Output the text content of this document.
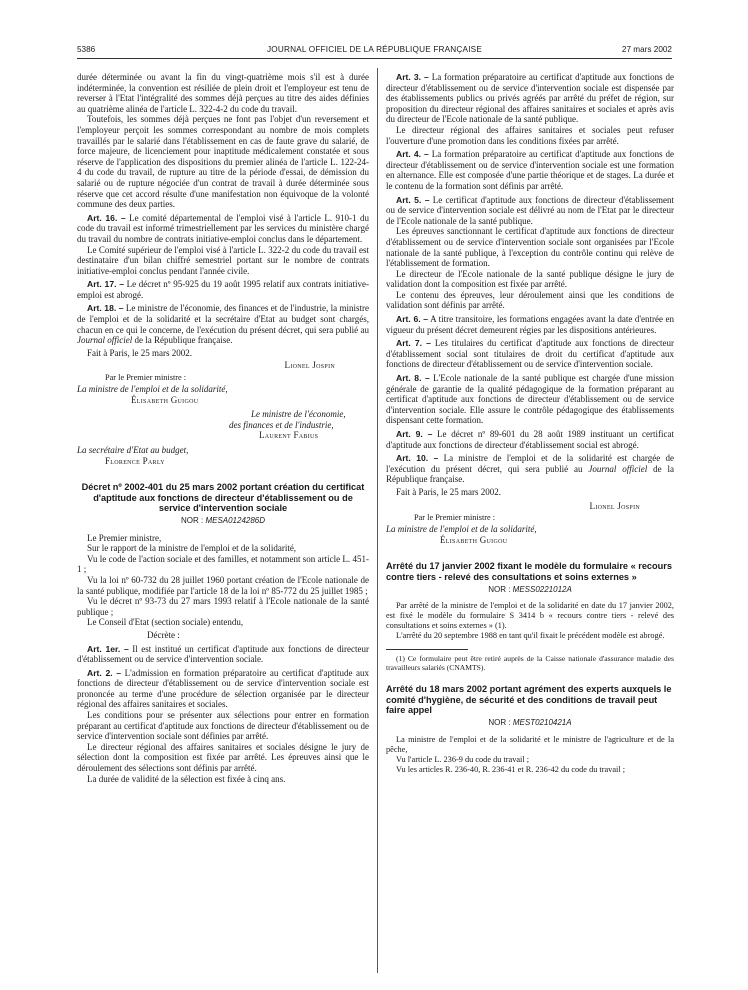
5386	JOURNAL OFFICIEL DE LA RÉPUBLIQUE FRANÇAISE	27 mars 2002

durée déterminée ou avant la fin du vingt-quatrième mois s'il est à durée indéterminée, la convention est résiliée de plein droit et l'employeur est tenu de reverser à l'Etat l'intégralité des sommes déjà perçues au titre des aides définies au quatrième alinéa de l'article L. 322-4-2 du code du travail.

Toutefois, les sommes déjà perçues ne font pas l'objet d'un reversement et l'employeur perçoit les sommes correspondant au nombre de mois complets travaillés par le salarié dans l'établissement en cas de faute grave du salarié, de force majeure, de licenciement pour inaptitude médicalement constatée et sous réserve de l'application des dispositions du premier alinéa de l'article L. 122-24-4 du code du travail, de rupture au titre de la période d'essai, de démission du salarié ou de rupture négociée d'un contrat de travail à durée déterminée sous réserve que cet accord résulte d'une manifestation non équivoque de la volonté commune des deux parties.

Art. 16. – Le comité départemental de l'emploi visé à l'article L. 910-1 du code du travail est informé trimestriellement par les services du ministère chargé du travail du nombre de contrats initiative-emploi conclus dans le département.

Le Comité supérieur de l'emploi visé à l'article L. 322-2 du code du travail est destinataire d'un bilan chiffré semestriel portant sur le nombre de contrats initiative-emploi conclus pendant l'année civile.

Art. 17. – Le décret nº 95-925 du 19 août 1995 relatif aux contrats initiative-emploi est abrogé.

Art. 18. – Le ministre de l'économie, des finances et de l'industrie, la ministre de l'emploi et de la solidarité et la secrétaire d'Etat au budget sont chargés, chacun en ce qui le concerne, de l'exécution du présent décret, qui sera publié au Journal officiel de la République française.

Fait à Paris, le 25 mars 2002.

Lionel Jospin

Par le Premier ministre :

La ministre de l'emploi et de la solidarité,

Élisabeth Guigou

Le ministre de l'économie,

des finances et de l'industrie,

Laurent Fabius

La secrétaire d'Etat au budget,

Florence Parly

Décret nº 2002-401 du 25 mars 2002 portant création du certificat d'aptitude aux fonctions de directeur d'établissement ou de service d'intervention sociale
NOR : MESA0124286D

Le Premier ministre,

Sur le rapport de la ministre de l'emploi et de la solidarité,

Vu le code de l'action sociale et des familles, et notamment son article L. 451-1 ;

Vu la loi nº 60-732 du 28 juillet 1960 portant création de l'Ecole nationale de la santé publique, modifiée par l'article 18 de la loi nº 85-772 du 25 juillet 1985 ;

Vu le décret nº 93-73 du 27 mars 1993 relatif à l'Ecole nationale de la santé publique ;

Le Conseil d'Etat (section sociale) entendu,

Décrète :

Art. 1er. – Il est institué un certificat d'aptitude aux fonctions de directeur d'établissement ou de service d'intervention sociale.

Art. 2. – L'admission en formation préparatoire au certificat d'aptitude aux fonctions de directeur d'établissement ou de service d'intervention sociale est prononcée au terme d'une procédure de sélection organisée par le directeur régional des affaires sanitaires et sociales.

Les conditions pour se présenter aux sélections pour entrer en formation préparant au certificat d'aptitude aux fonctions de directeur d'établissement ou de service d'intervention sociale sont définies par arrêté.

Le directeur régional des affaires sanitaires et sociales désigne le jury de sélection dont la composition est fixée par arrêté. Les épreuves ainsi que le déroulement des sélections sont définis par arrêté.

La durée de validité de la sélection est fixée à cinq ans.

Art. 3. – La formation préparatoire au certificat d'aptitude aux fonctions de directeur d'établissement ou de service d'intervention sociale est dispensée par des établissements publics ou privés agréés par arrêté du préfet de région, sur proposition du directeur régional des affaires sanitaires et sociales et après avis du directeur de l'Ecole nationale de la santé publique.

Le directeur régional des affaires sanitaires et sociales peut refuser l'ouverture d'une promotion dans les conditions fixées par arrêté.

Art. 4. – La formation préparatoire au certificat d'aptitude aux fonctions de directeur d'établissement ou de service d'intervention sociale est une formation en alternance. Elle est composée d'une partie théorique et de stages. La durée et le contenu de la formation sont définis par arrêté.

Art. 5. – Le certificat d'aptitude aux fonctions de directeur d'établissement ou de service d'intervention sociale est délivré au nom de l'Etat par le directeur de l'Ecole nationale de la santé publique.

Les épreuves sanctionnant le certificat d'aptitude aux fonctions de directeur d'établissement ou de service d'intervention sociale sont organisées par l'Ecole nationale de la santé publique, à l'exception du contrôle continu qui relève de l'établissement de formation.

Le directeur de l'Ecole nationale de la santé publique désigne le jury de validation dont la composition est fixée par arrêté.

Le contenu des épreuves, leur déroulement ainsi que les conditions de validation sont définis par arrêté.

Art. 6. – A titre transitoire, les formations engagées avant la date d'entrée en vigueur du présent décret demeurent régies par les dispositions antérieures.

Art. 7. – Les titulaires du certificat d'aptitude aux fonctions de directeur d'établissement social sont titulaires de droit du certificat d'aptitude aux fonctions de directeur d'établissement ou de service d'intervention sociale.

Art. 8. – L'Ecole nationale de la santé publique est chargée d'une mission générale de garantie de la qualité pédagogique de la formation préparant au certificat d'aptitude aux fonctions de directeur d'établissement ou de service d'intervention sociale. Elle assure le contrôle pédagogique des établissements dispensant cette formation.

Art. 9. – Le décret nº 89-601 du 28 août 1989 instituant un certificat d'aptitude aux fonctions de directeur d'établissement social est abrogé.

Art. 10. – La ministre de l'emploi et de la solidarité est chargée de l'exécution du présent décret, qui sera publié au Journal officiel de la République française.

Fait à Paris, le 25 mars 2002.

Lionel Jospin

Par le Premier ministre :

La ministre de l'emploi et de la solidarité,

Élisabeth Guigou

Arrêté du 17 janvier 2002 fixant le modèle du formulaire « recours contre tiers - relevé des consultations et soins externes »
NOR : MESS0221012A

Par arrêté de la ministre de l'emploi et de la solidarité en date du 17 janvier 2002, est fixé le modèle du formulaire S 3414 b « recours contre tiers - relevé des consultations et soins externes » (1).

L'arrêté du 20 septembre 1988 en tant qu'il fixait le précédent modèle est abrogé.

(1) Ce formulaire peut être retiré auprès de la Caisse nationale d'assurance maladie des travailleurs salariés (CNAMTS).

Arrêté du 18 mars 2002 portant agrément des experts auxquels le comité d'hygiène, de sécurité et des conditions de travail peut faire appel
NOR : MEST0210421A

La ministre de l'emploi et de la solidarité et le ministre de l'agriculture et de la pêche,

Vu l'article L. 236-9 du code du travail ;

Vu les articles R. 236-40, R. 236-41 et R. 236-42 du code du travail ;
